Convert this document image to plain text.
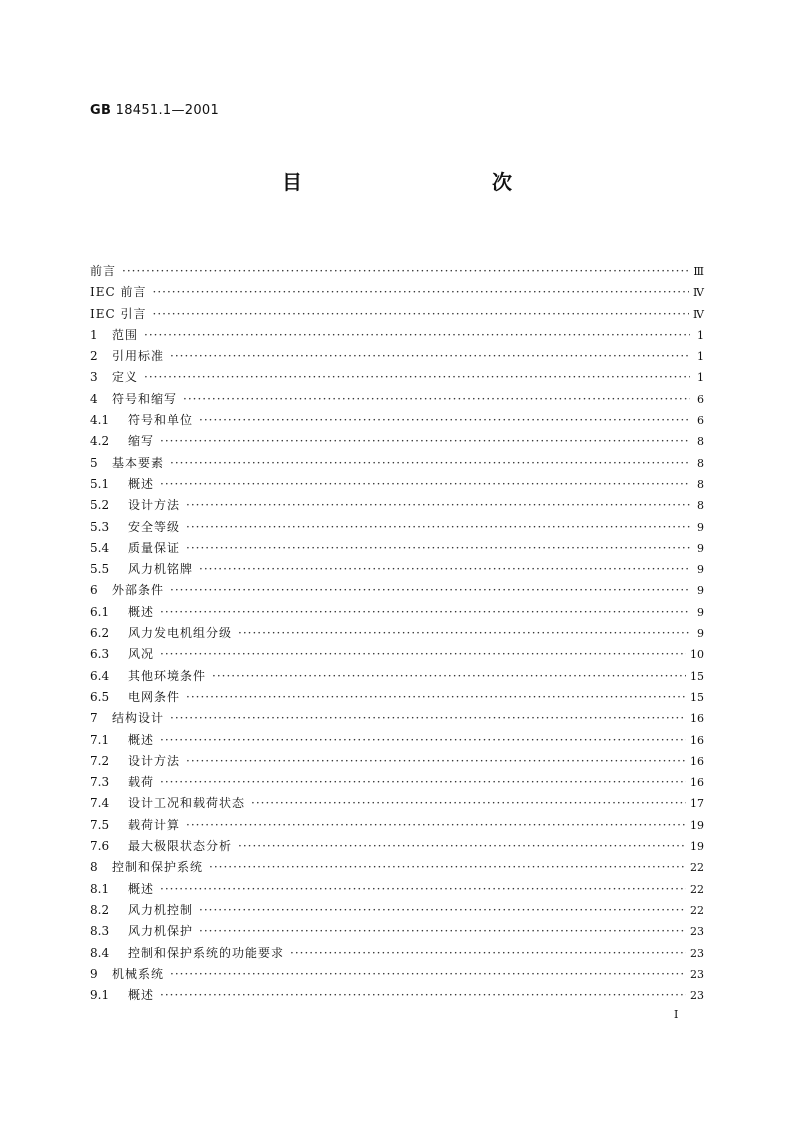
GB 18451.1—2001
目　　次
前言 ·····	Ⅲ
IEC 前言 ·····	Ⅳ
IEC 引言 ·····	Ⅳ
1	范围 ·····	1
2	引用标准 ·····	1
3	定义 ·····	1
4	符号和缩写 ·····	6
4.1	符号和单位 ·····	6
4.2	缩写 ·····	8
5	基本要素 ·····	8
5.1	概述 ·····	8
5.2	设计方法 ·····	8
5.3	安全等级 ·····	9
5.4	质量保证 ·····	9
5.5	风力机铭牌 ·····	9
6	外部条件 ·····	9
6.1	概述 ·····	9
6.2	风力发电机组分级 ·····	9
6.3	风况 ·····	10
6.4	其他环境条件 ·····	15
6.5	电网条件 ·····	15
7	结构设计 ·····	16
7.1	概述 ·····	16
7.2	设计方法 ·····	16
7.3	载荷 ·····	16
7.4	设计工况和载荷状态 ·····	17
7.5	载荷计算 ·····	19
7.6	最大极限状态分析 ·····	19
8	控制和保护系统 ·····	22
8.1	概述 ·····	22
8.2	风力机控制 ·····	22
8.3	风力机保护 ·····	23
8.4	控制和保护系统的功能要求 ·····	23
9	机械系统 ·····	23
9.1	概述 ·····	23
Ⅰ
